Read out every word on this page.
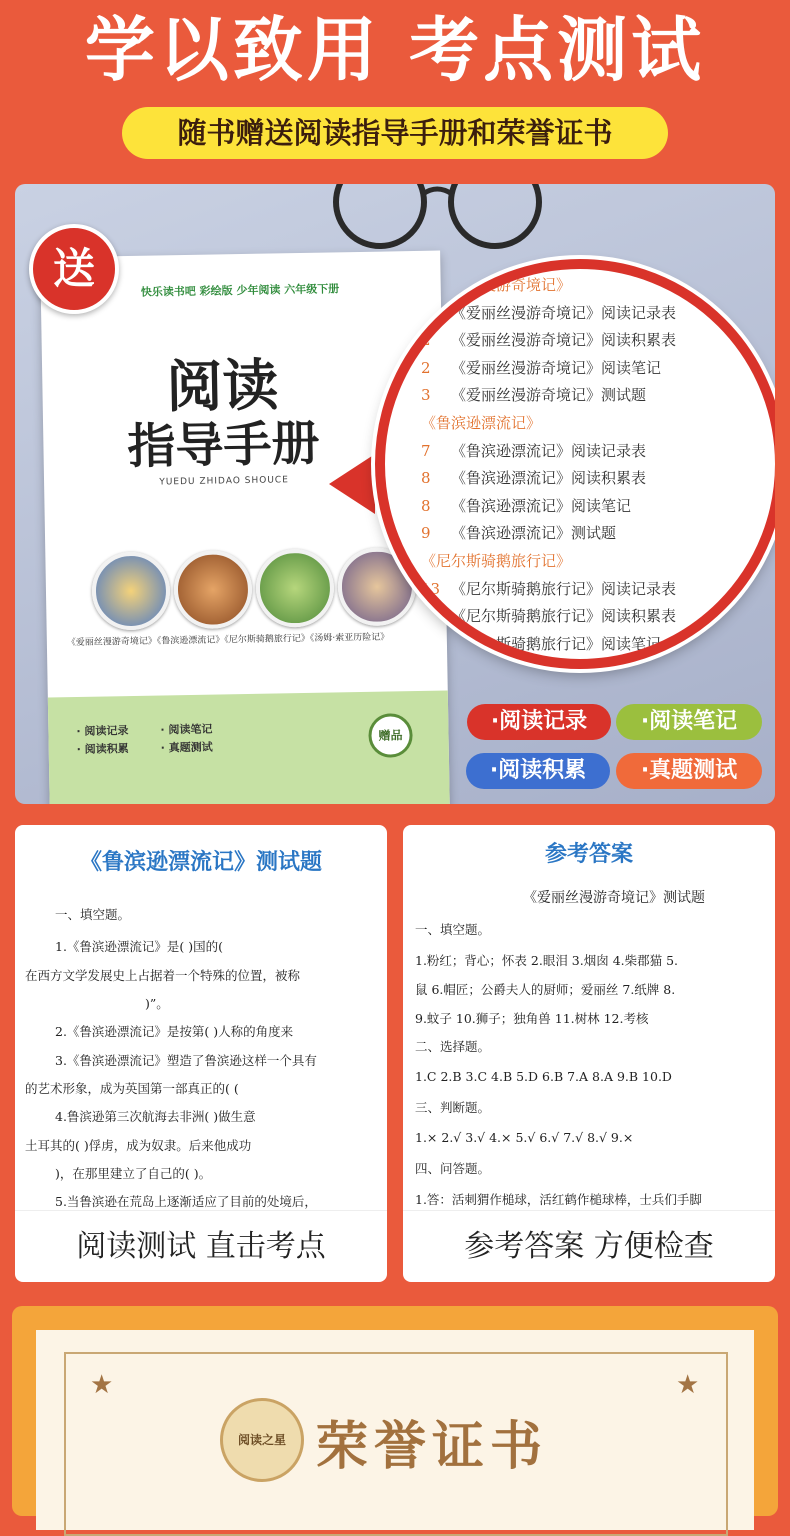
学以致用 考点测试
随书赠送阅读指导手册和荣誉证书
快乐读书吧 彩绘版 少年阅读 六年级下册
阅读
指导手册
YUEDU ZHIDAO SHOUCE
《爱丽丝漫游奇境记》《鲁滨逊漂流记》《尼尔斯骑鹅旅行记》《汤姆·索亚历险记》
· 阅读记录	· 阅读笔记
· 阅读积累	· 真题测试
赠品
送	《爱丽丝漫游奇境记》
1 《爱丽丝漫游奇境记》阅读记录表
2 《爱丽丝漫游奇境记》阅读积累表
2 《爱丽丝漫游奇境记》阅读笔记
3 《爱丽丝漫游奇境记》测试题
《鲁滨逊漂流记》
7 《鲁滨逊漂流记》阅读记录表
8 《鲁滨逊漂流记》阅读积累表
8 《鲁滨逊漂流记》阅读笔记
9 《鲁滨逊漂流记》测试题
《尼尔斯骑鹅旅行记》
13 《尼尔斯骑鹅旅行记》阅读记录表
《尼尔斯骑鹅旅行记》阅读积累表
《尼尔斯骑鹅旅行记》阅读笔记
·阅读记录	·阅读笔记
·阅读积累	·真题测试
《鲁滨逊漂流记》测试题
一、填空题。
1.《鲁滨逊漂流记》是( )国的(
在西方文学发展史上占据着一个特殊的位置，被称
)”。
2.《鲁滨逊漂流记》是按第( )人称的角度来
3.《鲁滨逊漂流记》塑造了鲁滨逊这样一个具有
的艺术形象，成为英国第一部真正的( (
4.鲁滨逊第三次航海去非洲( )做生意
土耳其的( )俘虏，成为奴隶。后来他成功
)，在那里建立了自己的( )。
5.当鲁滨逊在荒岛上逐渐适应了目前的处境后，
阅读测试 直击考点
参考答案
《爱丽丝漫游奇境记》测试题
一、填空题。
1.粉红；背心；怀表 2.眼泪 3.烟囱 4.柴郡猫 5.
鼠 6.帽匠；公爵夫人的厨师；爱丽丝 7.纸牌 8.
9.蚊子 10.狮子；独角兽 11.树林 12.考核
二、选择题。
1.C 2.B 3.C 4.B 5.D 6.B 7.A 8.A 9.B 10.D
三、判断题。
1.× 2.√ 3.√ 4.× 5.√ 6.√ 7.√ 8.√ 9.×
四、问答题。
1.答：活刺猬作槌球，活红鹤作槌球棒，士兵们手脚
参考答案 方便检查
★	★
阅读之星 荣誉证书
